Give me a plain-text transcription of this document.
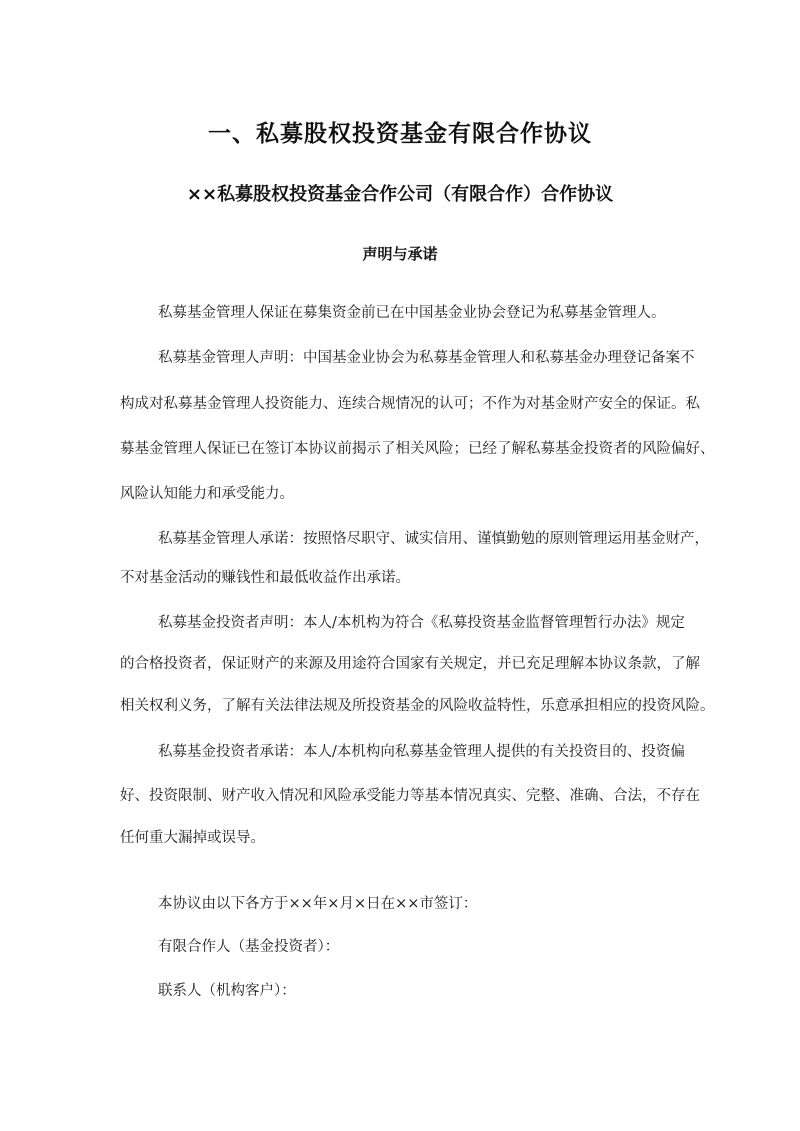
一、私募股权投资基金有限合作协议
××私募股权投资基金合作公司（有限合作）合作协议
声明与承诺
私募基金管理人保证在募集资金前已在中国基金业协会登记为私募基金管理人。
私募基金管理人声明：中国基金业协会为私募基金管理人和私募基金办理登记备案不
构成对私募基金管理人投资能力、连续合规情况的认可；不作为对基金财产安全的保证。私
募基金管理人保证已在签订本协议前揭示了相关风险；已经了解私募基金投资者的风险偏好、
风险认知能力和承受能力。
私募基金管理人承诺：按照恪尽职守、诚实信用、谨慎勤勉的原则管理运用基金财产，
不对基金活动的赚钱性和最低收益作出承诺。
私募基金投资者声明：本人/本机构为符合《私募投资基金监督管理暂行办法》规定
的合格投资者，保证财产的来源及用途符合国家有关规定，并已充足理解本协议条款，了解
相关权利义务，了解有关法律法规及所投资基金的风险收益特性，乐意承担相应的投资风险。
私募基金投资者承诺：本人/本机构向私募基金管理人提供的有关投资目的、投资偏
好、投资限制、财产收入情况和风险承受能力等基本情况真实、完整、准确、合法，不存在
任何重大漏掉或误导。
本协议由以下各方于××年×月×日在××市签订：
有限合作人（基金投资者）：
联系人（机构客户）：
